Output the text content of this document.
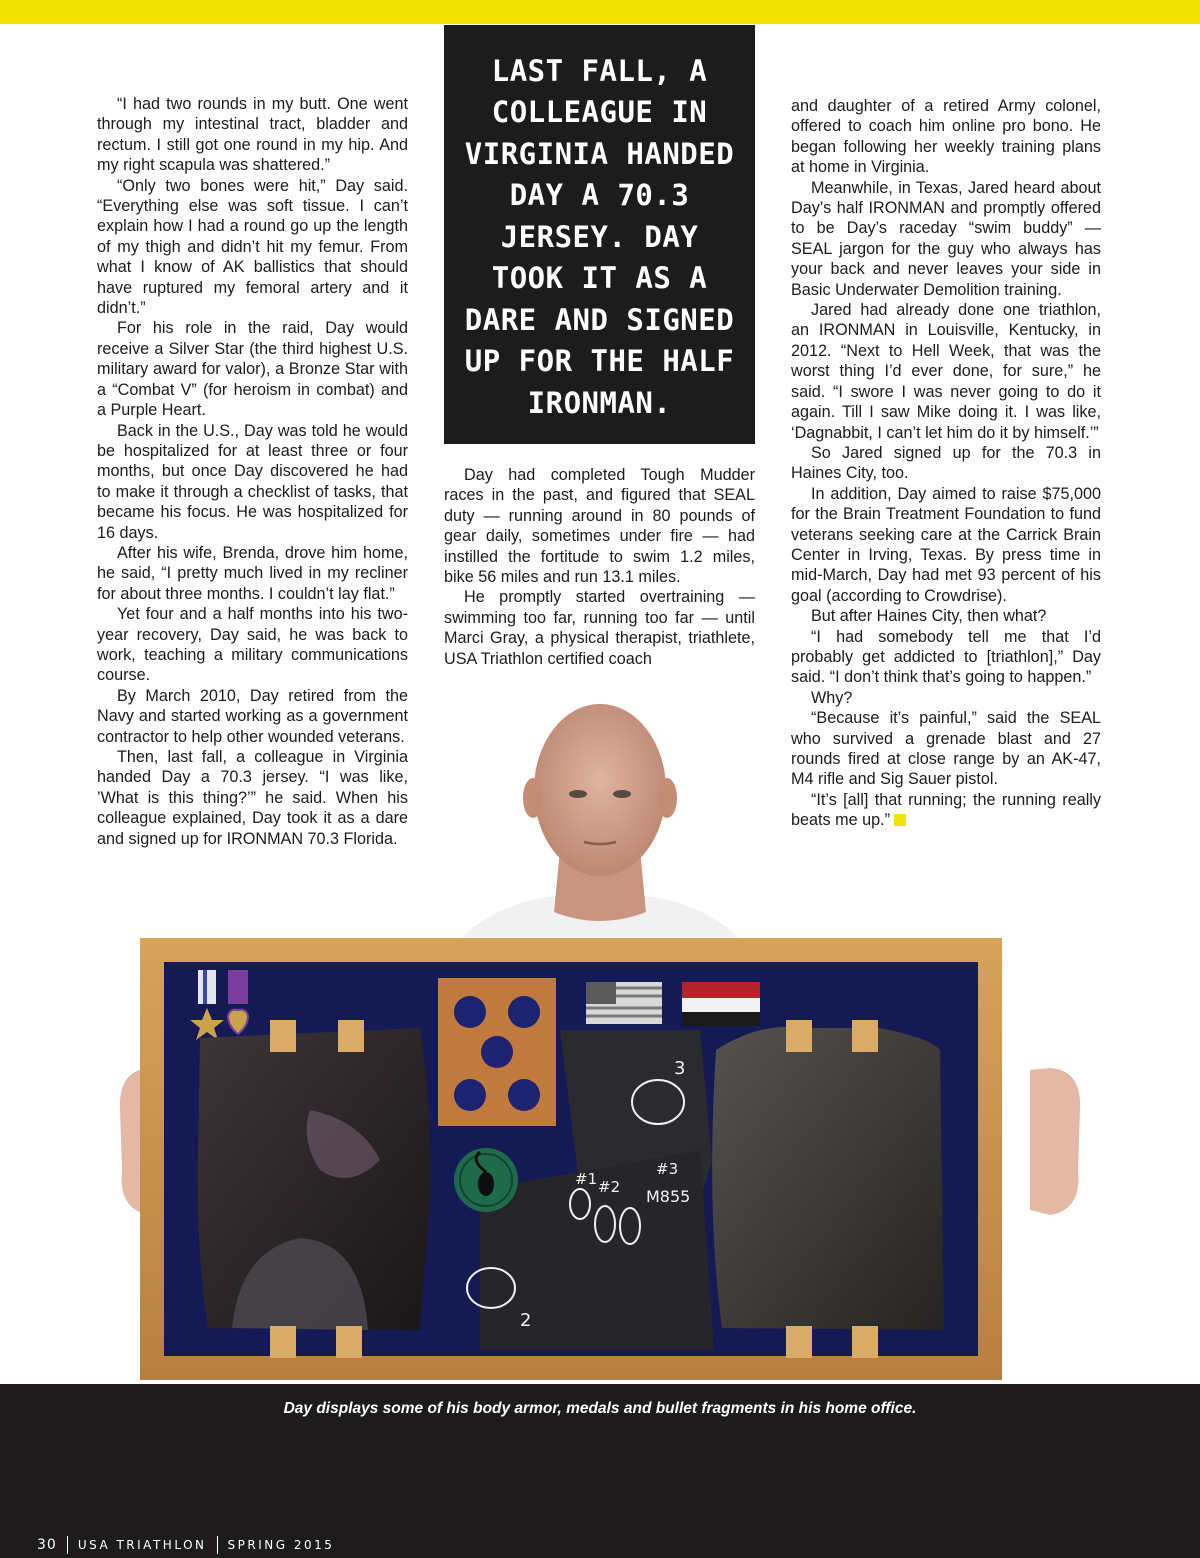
“I had two rounds in my butt. One went through my intestinal tract, bladder and rectum. I still got one round in my hip. And my right scapula was shattered.”

“Only two bones were hit,” Day said. “Everything else was soft tissue. I can’t explain how I had a round go up the length of my thigh and didn’t hit my femur. From what I know of AK ballistics that should have ruptured my femoral artery and it didn’t.”

For his role in the raid, Day would receive a Silver Star (the third highest U.S. military award for valor), a Bronze Star with a “Combat V” (for heroism in combat) and a Purple Heart.

Back in the U.S., Day was told he would be hospitalized for at least three or four months, but once Day discovered he had to make it through a checklist of tasks, that became his focus. He was hospitalized for 16 days.

After his wife, Brenda, drove him home, he said, “I pretty much lived in my recliner for about three months. I couldn’t lay flat.”

Yet four and a half months into his two-year recovery, Day said, he was back to work, teaching a military communications course.

By March 2010, Day retired from the Navy and started working as a government contractor to help other wounded veterans.

Then, last fall, a colleague in Virginia handed Day a 70.3 jersey. “I was like, ’What is this thing?’” he said. When his colleague explained, Day took it as a dare and signed up for IRONMAN 70.3 Florida.

LAST FALL, A COLLEAGUE IN VIRGINIA HANDED DAY A 70.3 JERSEY. DAY TOOK IT AS A DARE AND SIGNED UP FOR THE HALF IRONMAN.

Day had completed Tough Mudder races in the past, and figured that SEAL duty — running around in 80 pounds of gear daily, sometimes under fire — had instilled the fortitude to swim 1.2 miles, bike 56 miles and run 13.1 miles.

He promptly started overtraining — swimming too far, running too far — until Marci Gray, a physical therapist, triathlete, USA Triathlon certified coach

and daughter of a retired Army colonel, offered to coach him online pro bono. He began following her weekly training plans at home in Virginia.

Meanwhile, in Texas, Jared heard about Day’s half IRONMAN and promptly offered to be Day’s raceday “swim buddy” — SEAL jargon for the guy who always has your back and never leaves your side in Basic Underwater Demolition training.

Jared had already done one triathlon, an IRONMAN in Louisville, Kentucky, in 2012. “Next to Hell Week, that was the worst thing I’d ever done, for sure,” he said. “I swore I was never going to do it again. Till I saw Mike doing it. I was like, ‘Dagnabbit, I can’t let him do it by himself.’”

So Jared signed up for the 70.3 in Haines City, too.

In addition, Day aimed to raise $75,000 for the Brain Treatment Foundation to fund veterans seeking care at the Carrick Brain Center in Irving, Texas. By press time in mid-March, Day had met 93 percent of his goal (according to Crowdrise).

But after Haines City, then what?

“I had somebody tell me that I’d probably get addicted to [triathlon],” Day said. “I don’t think that’s going to happen.”

Why?

“Because it’s painful,” said the SEAL who survived a grenade blast and 27 rounds fired at close range by an AK-47, M4 rifle and Sig Sauer pistol.

“It’s [all] that running; the running really beats me up.”

3
#1 #2
#3
M855
2
Day displays some of his body armor, medals and bullet fragments in his home office.
30 USA TRIATHLON SPRING 2015
